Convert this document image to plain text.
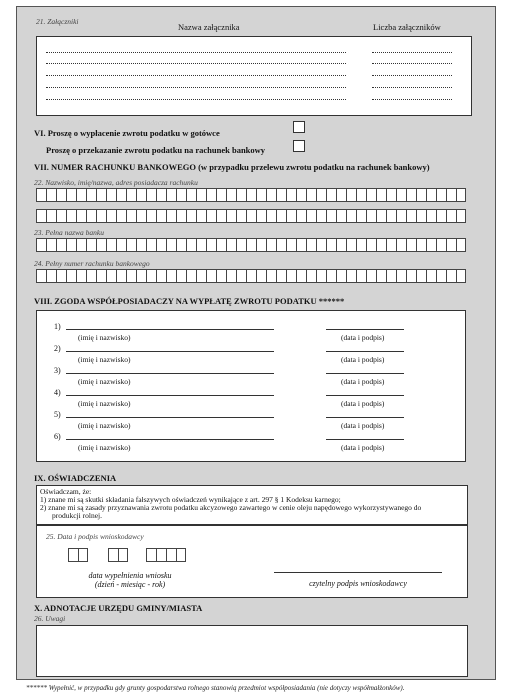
21. Załączniki
Nazwa załącznika	Liczba załączników
VI. Proszę o wypłacenie zwrotu podatku w gotówce
Proszę o przekazanie zwrotu podatku na rachunek bankowy
VII. NUMER RACHUNKU BANKOWEGO (w przypadku przelewu zwrotu podatku na rachunek bankowy)
22. Nazwisko, imię/nazwa, adres posiadacza rachunku
23. Pełna nazwa banku
24. Pełny numer rachunku bankowego
VIII. ZGODA WSPÓŁPOSIADACZY NA WYPŁATĘ ZWROTU PODATKU ******
1)
(imię i nazwisko)	(data i podpis)
2)
(imię i nazwisko)	(data i podpis)
3)
(imię i nazwisko)	(data i podpis)
4)
(imię i nazwisko)	(data i podpis)
5)
(imię i nazwisko)	(data i podpis)
6)
(imię i nazwisko)	(data i podpis)
IX. OŚWIADCZENIA
Oświadczam, że:
1) znane mi są skutki składania fałszywych oświadczeń wynikające z art. 297 § 1 Kodeksu karnego;
2) znane mi są zasady przyznawania zwrotu podatku akcyzowego zawartego w cenie oleju napędowego wykorzystywanego do
produkcji rolnej.
25. Data i podpis wnioskodawcy
data wypełnienia wniosku
(dzień - miesiąc - rok)	czytelny podpis wnioskodawcy
X. ADNOTACJE URZĘDU GMINY/MIASTA
26. Uwagi
****** Wypełnić, w przypadku gdy grunty gospodarstwa rolnego stanowią przedmiot współposiadania (nie dotyczy współmałżonków).
